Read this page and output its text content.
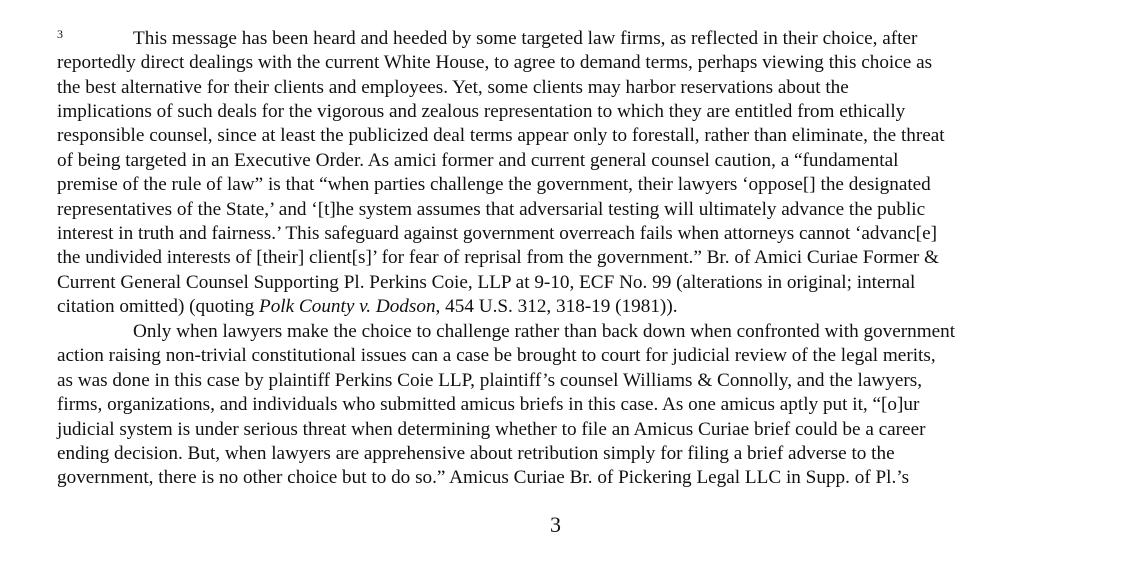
3	This message has been heard and heeded by some targeted law firms, as reflected in their choice, after
reportedly direct dealings with the current White House, to agree to demand terms, perhaps viewing this choice as
the best alternative for their clients and employees. Yet, some clients may harbor reservations about the
implications of such deals for the vigorous and zealous representation to which they are entitled from ethically
responsible counsel, since at least the publicized deal terms appear only to forestall, rather than eliminate, the threat
of being targeted in an Executive Order. As amici former and current general counsel caution, a “fundamental
premise of the rule of law” is that “when parties challenge the government, their lawyers ‘oppose[] the designated
representatives of the State,’ and ‘[t]he system assumes that adversarial testing will ultimately advance the public
interest in truth and fairness.’ This safeguard against government overreach fails when attorneys cannot ‘advanc[e]
the undivided interests of [their] client[s]’ for fear of reprisal from the government.” Br. of Amici Curiae Former &
Current General Counsel Supporting Pl. Perkins Coie, LLP at 9-10, ECF No. 99 (alterations in original; internal
citation omitted) (quoting Polk County v. Dodson, 454 U.S. 312, 318-19 (1981)).
Only when lawyers make the choice to challenge rather than back down when confronted with government
action raising non-trivial constitutional issues can a case be brought to court for judicial review of the legal merits,
as was done in this case by plaintiff Perkins Coie LLP, plaintiff’s counsel Williams & Connolly, and the lawyers,
firms, organizations, and individuals who submitted amicus briefs in this case. As one amicus aptly put it, “[o]ur
judicial system is under serious threat when determining whether to file an Amicus Curiae brief could be a career
ending decision. But, when lawyers are apprehensive about retribution simply for filing a brief adverse to the
government, there is no other choice but to do so.” Amicus Curiae Br. of Pickering Legal LLC in Supp. of Pl.’s
3
